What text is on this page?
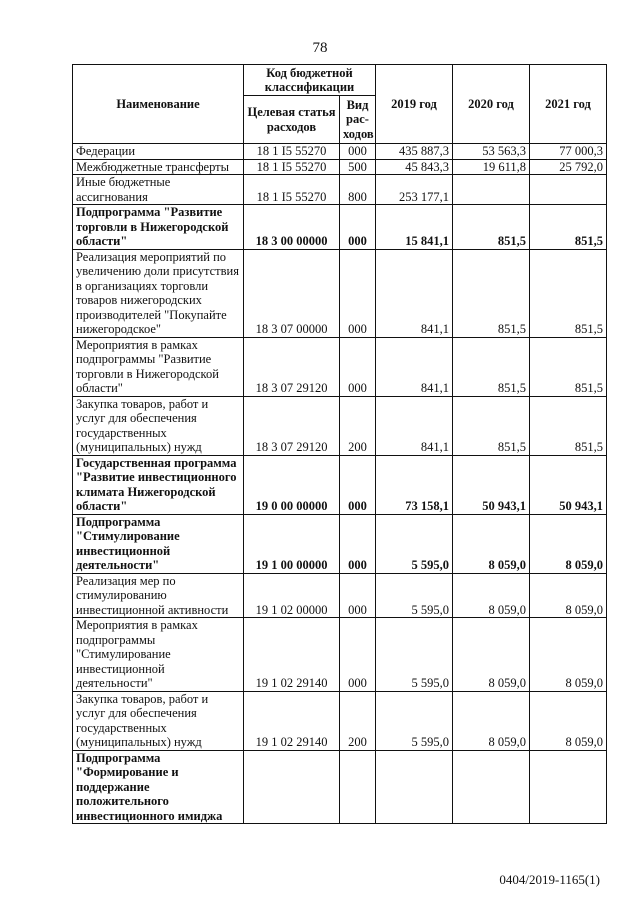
78
Наименование	Код бюджетной классификации		2019 год	2020 год	2021 год
	Целевая статья расходов	Вид рас-ходов			
Федерации	18 1 I5 55270	000	435 887,3	53 563,3	77 000,3
Межбюджетные трансферты	18 1 I5 55270	500	45 843,3	19 611,8	25 792,0
Иные бюджетные ассигнования	18 1 I5 55270	800	253 177,1		
Подпрограмма "Развитие торговли в Нижегородской области"	18 3 00 00000	000	15 841,1	851,5	851,5
Реализация мероприятий по увеличению доли присутствия в организациях торговли товаров нижегородских производителей "Покупайте нижегородское"	18 3 07 00000	000	841,1	851,5	851,5
Мероприятия в рамках подпрограммы "Развитие торговли в Нижегородской области"	18 3 07 29120	000	841,1	851,5	851,5
Закупка товаров, работ и услуг для обеспечения государственных (муниципальных) нужд	18 3 07 29120	200	841,1	851,5	851,5
Государственная программа "Развитие инвестиционного климата Нижегородской области"	19 0 00 00000	000	73 158,1	50 943,1	50 943,1
Подпрограмма "Стимулирование инвестиционной деятельности"	19 1 00 00000	000	5 595,0	8 059,0	8 059,0
Реализация мер по стимулированию инвестиционной активности	19 1 02 00000	000	5 595,0	8 059,0	8 059,0
Мероприятия в рамках подпрограммы "Стимулирование инвестиционной деятельности"	19 1 02 29140	000	5 595,0	8 059,0	8 059,0
Закупка товаров, работ и услуг для обеспечения государственных (муниципальных) нужд	19 1 02 29140	200	5 595,0	8 059,0	8 059,0
Подпрограмма "Формирование и поддержание положительного инвестиционного имиджа					
0404/2019-1165(1)
